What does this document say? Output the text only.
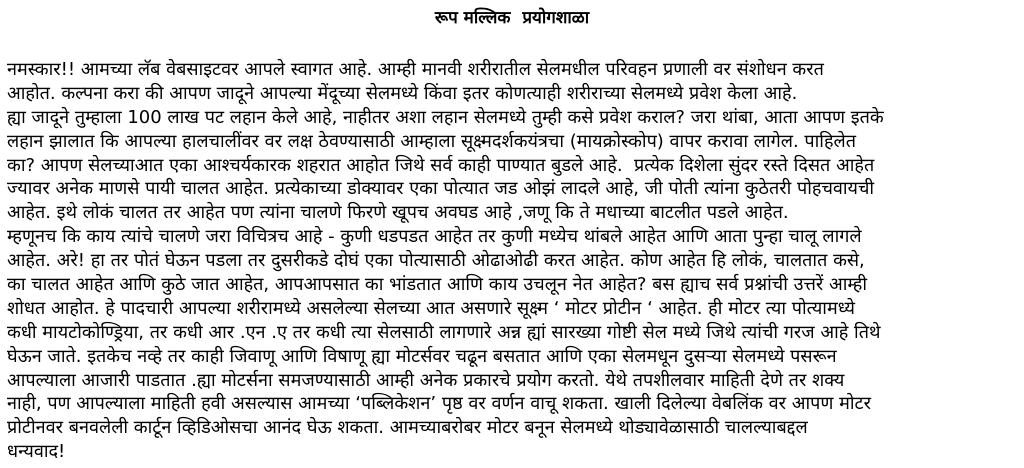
रूप मल्लिक  प्रयोगशाळा
नमस्कार!! आमच्या लॅब वेबसाइटवर आपले स्वागत आहे. आम्ही मानवी शरीरातील सेलमधील परिवहन प्रणाली वर संशोधन करत
आहोत. कल्पना करा की आपण जादूने आपल्या मेंदूच्या सेलमध्ये किंवा इतर कोणत्याही शरीराच्या सेलमध्ये प्रवेश केला आहे.
ह्या जादूने तुम्हाला 100 लाख पट लहान केले आहे, नाहीतर अशा लहान सेलमध्ये तुम्ही कसे प्रवेश कराल? जरा थांबा, आता आपण इतके
लहान झालात कि आपल्या हालचालींवर वर लक्ष ठेवण्यासाठी आम्हाला सूक्ष्मदर्शकयंत्रचा (मायक्रोस्कोप) वापर करावा लागेल. पाहिलेत
का? आपण सेलच्याआत एका आश्चर्यकारक शहरात आहोत जिथे सर्व काही पाण्यात बुडले आहे.  प्रत्येक दिशेला सुंदर रस्ते दिसत आहेत
ज्यावर अनेक माणसे पायी चालत आहेत. प्रत्येकाच्या डोक्यावर एका पोत्यात जड ओझं लादले आहे, जी पोती त्यांना कुठेतरी पोहचवायची
आहेत. इथे लोकं चालत तर आहेत पण त्यांना चालणे फिरणे खूपच अवघड आहे ,जणू कि ते मधाच्या बाटलीत पडले आहेत.
म्हणूनच कि काय त्यांचे चालणे जरा विचित्रच आहे - कुणी धडपडत आहेत तर कुणी मध्येच थांबले आहेत आणि आता पुन्हा चालू लागले
आहेत. अरे! हा तर पोतं घेऊन पडला तर दुसरीकडे दोघं एका पोत्यासाठी ओढाओढी करत आहेत. कोण आहेत हि लोकं, चालतात कसे,
का चालत आहेत आणि कुठे जात आहेत, आपआपसात का भांडतात आणि काय उचलून नेत आहेत? बस ह्याच सर्व प्रश्नांची उत्तरें आम्ही
शोधत आहोत. हे पादचारी आपल्या शरीरामध्ये असलेल्या सेलच्या आत असणारे सूक्ष्म ‘ मोटर प्रोटीन ‘ आहेत. ही मोटर त्या पोत्यामध्ये
कधी मायटोकोण्ड्रिया, तर कधी आर .एन .ए तर कधी त्या सेलसाठी लागणारे अन्न ह्यां सारख्या गोष्टी सेल मध्ये जिथे त्यांची गरज आहे तिथे
घेऊन जाते. इतकेच नव्हे तर काही जिवाणू आणि विषाणू ह्या मोटर्सवर चढून बसतात आणि एका सेलमधून दुसऱ्या सेलमध्ये पसरून
आपल्याला आजारी पाडतात .ह्या मोटर्सना समजण्यासाठी आम्ही अनेक प्रकारचे प्रयोग करतो. येथे तपशीलवार माहिती देणे तर शक्य
नाही, पण आपल्याला माहिती हवी असल्यास आमच्या ‘पब्लिकेशन’ पृष्ठ वर वर्णन वाचू शकता. खाली दिलेल्या वेबलिंक वर आपण मोटर
प्रोटीनवर बनवलेली कार्टून व्हिडिओसचा आनंद घेऊ शकता. आमच्याबरोबर मोटर बनून सेलमध्ये थोड्यावेळासाठी चालल्याबद्दल
धन्यवाद!
